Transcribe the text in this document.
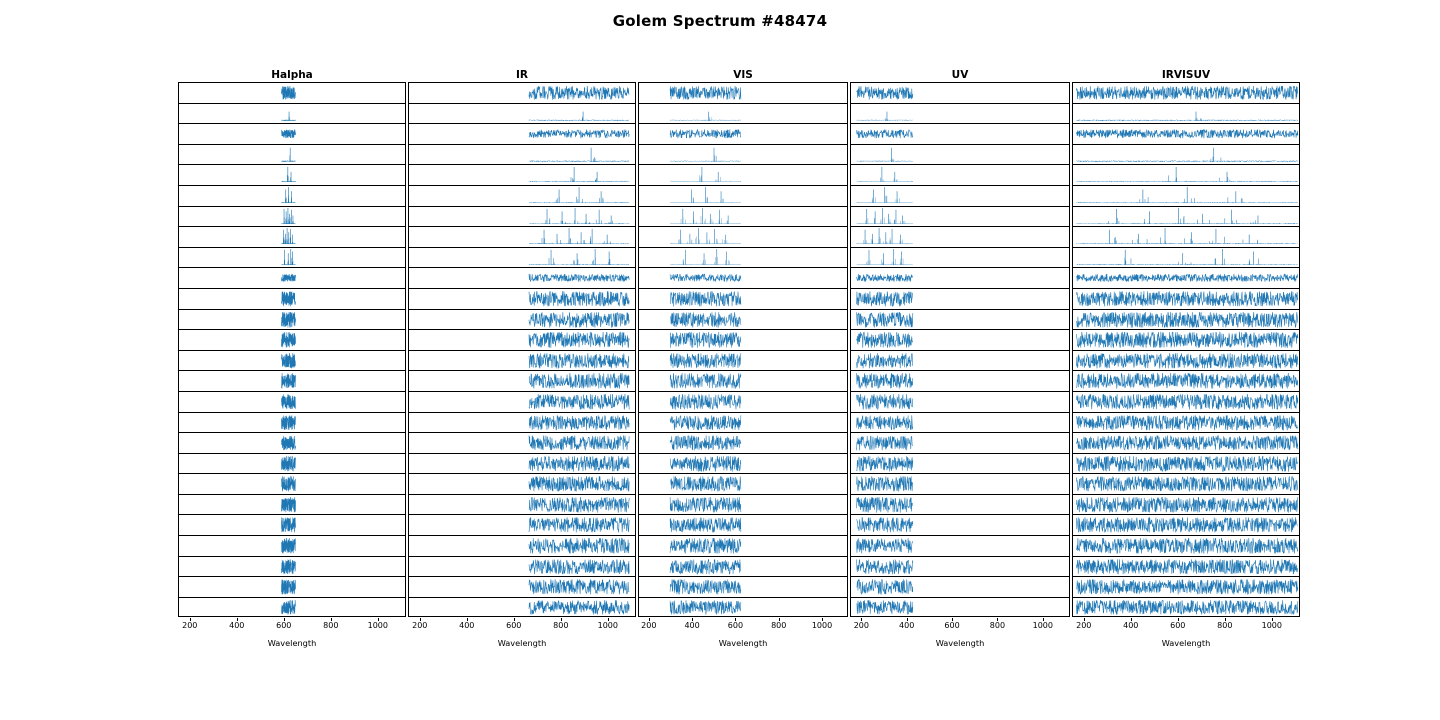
Golem Spectrum #48474
Halpha
200	400	600	800	1000
Wavelength
IR
200	400	600	800	1000
Wavelength
VIS
200	400	600	800	1000
Wavelength
UV
200	400	600	800	1000
Wavelength
IRVISUV
200	400	600	800	1000
Wavelength
